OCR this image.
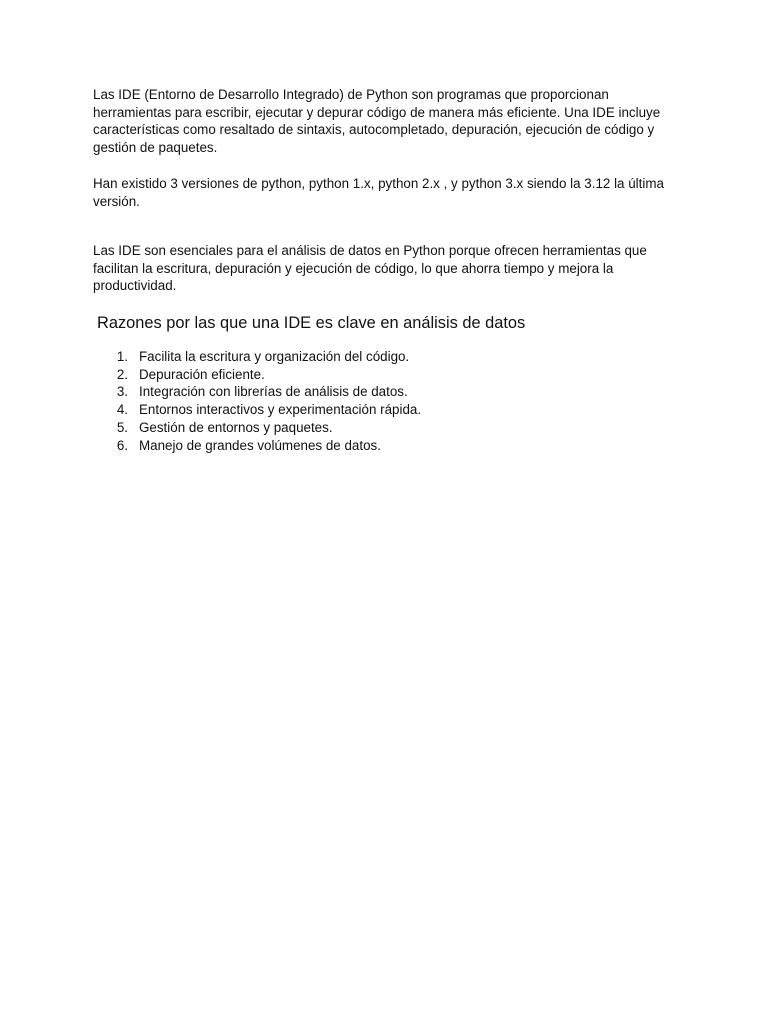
Las IDE (Entorno de Desarrollo Integrado) de Python son programas que proporcionan herramientas para escribir, ejecutar y depurar código de manera más eficiente. Una IDE incluye características como resaltado de sintaxis, autocompletado, depuración, ejecución de código y gestión de paquetes.

Han existido 3 versiones de python, python 1.x, python 2.x , y python 3.x siendo la 3.12 la última versión.

Las IDE son esenciales para el análisis de datos en Python porque ofrecen herramientas que facilitan la escritura, depuración y ejecución de código, lo que ahorra tiempo y mejora la productividad.

Razones por las que una IDE es clave en análisis de datos
1. Facilita la escritura y organización del código.
2. Depuración eficiente.
3. Integración con librerías de análisis de datos.
4. Entornos interactivos y experimentación rápida.
5. Gestión de entornos y paquetes.
6. Manejo de grandes volúmenes de datos.
